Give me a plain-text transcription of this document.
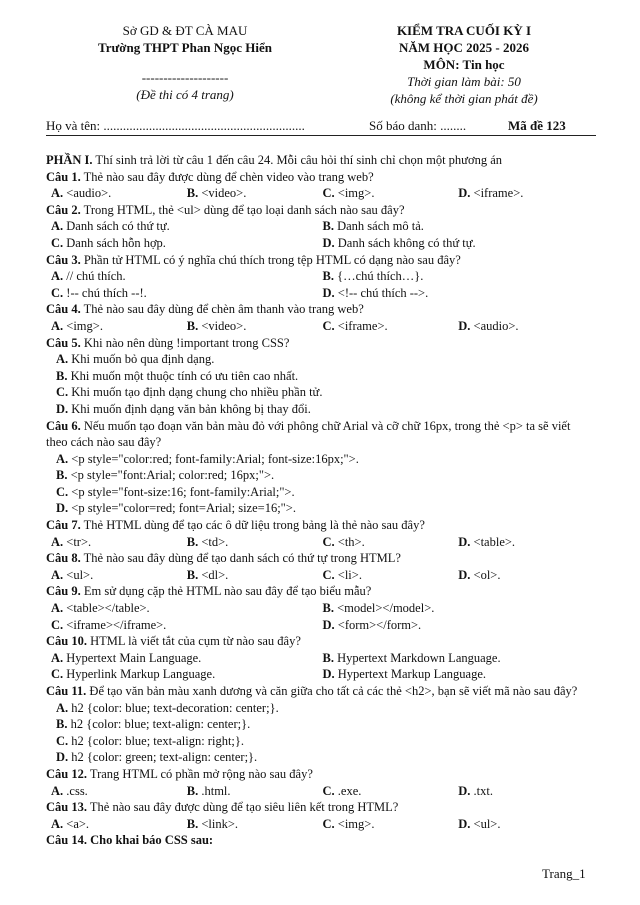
Sở GD & ĐT CÀ MAU
Trường THPT Phan Ngọc Hiển
--------------------
(Đề thi có 4 trang)
KIỂM TRA CUỐI KỲ I
NĂM HỌC 2025 - 2026
MÔN: Tin học
Thời gian làm bài: 50
(không kể thời gian phát đề)
Họ và tên: ..............................................................	Số báo danh: ........	Mã đề 123
PHẦN I. Thí sinh trả lời từ câu 1 đến câu 24. Mỗi câu hỏi thí sinh chỉ chọn một phương án
Câu 1. Thẻ nào sau đây được dùng để chèn video vào trang web?
A. <audio>.	B. <video>.	C. <img>.	D. <iframe>.
Câu 2. Trong HTML, thẻ <ul> dùng để tạo loại danh sách nào sau đây?
A. Danh sách có thứ tự.	B. Danh sách mô tả.
C. Danh sách hỗn hợp.	D. Danh sách không có thứ tự.
Câu 3. Phần tử HTML có ý nghĩa chú thích trong tệp HTML có dạng nào sau đây?
A. // chú thích.	B. {…chú thích…}.
C. !-- chú thích --!.	D. <!-- chú thích -->.
Câu 4. Thẻ nào sau đây dùng để chèn âm thanh vào trang web?
A. <img>.	B. <video>.	C. <iframe>.	D. <audio>.
Câu 5. Khi nào nên dùng !important trong CSS?
A. Khi muốn bỏ qua định dạng.
B. Khi muốn một thuộc tính có ưu tiên cao nhất.
C. Khi muốn tạo định dạng chung cho nhiều phần tử.
D. Khi muốn định dạng văn bản không bị thay đổi.
Câu 6. Nếu muốn tạo đoạn văn bản màu đỏ với phông chữ Arial và cỡ chữ 16px, trong thẻ <p> ta sẽ viết theo cách nào sau đây?
A. <p style="color:red; font-family:Arial; font-size:16px;">.
B. <p style="font:Arial; color:red; 16px;">.
C. <p style="font-size:16; font-family:Arial;">.
D. <p style="color=red; font=Arial; size=16;">.
Câu 7. Thẻ HTML dùng để tạo các ô dữ liệu trong bảng là thẻ nào sau đây?
A. <tr>.	B. <td>.	C. <th>.	D. <table>.
Câu 8. Thẻ nào sau đây dùng để tạo danh sách có thứ tự trong HTML?
A. <ul>.	B. <dl>.	C. <li>.	D. <ol>.
Câu 9. Em sử dụng cặp thẻ HTML nào sau đây để tạo biểu mẫu?
A. <table></table>.	B. <model></model>.
C. <iframe></iframe>.	D. <form></form>.
Câu 10. HTML là viết tắt của cụm từ nào sau đây?
A. Hypertext Main Language.	B. Hypertext Markdown Language.
C. Hyperlink Markup Language.	D. Hypertext Markup Language.
Câu 11. Để tạo văn bản màu xanh dương và căn giữa cho tất cả các thẻ <h2>, bạn sẽ viết mã nào sau đây?
A. h2 {color: blue; text-decoration: center;}.
B. h2 {color: blue; text-align: center;}.
C. h2 {color: blue; text-align: right;}.
D. h2 {color: green; text-align: center;}.
Câu 12. Trang HTML có phần mở rộng nào sau đây?
A. .css.	B. .html.	C. .exe.	D. .txt.
Câu 13. Thẻ nào sau đây được dùng để tạo siêu liên kết trong HTML?
A. <a>.	B. <link>.	C. <img>.	D. <ul>.
Câu 14. Cho khai báo CSS sau:
Trang_1
